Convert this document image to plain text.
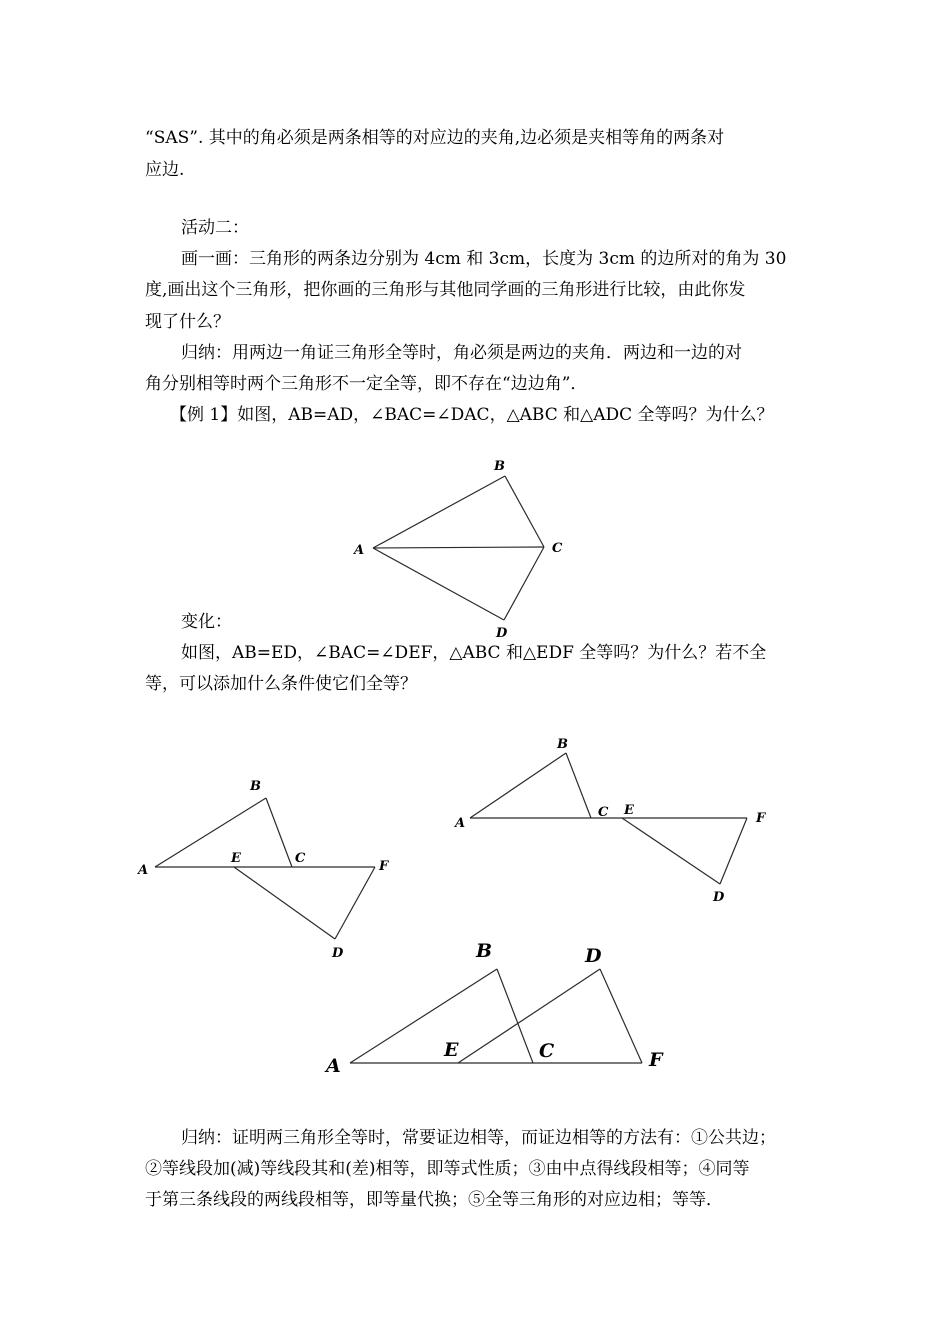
“SAS”. 其中的角必须是两条相等的对应边的夹角,边必须是夹相等角的两条对

应边.

活动二：

画一画：三角形的两条边分别为 4cm 和 3cm，长度为 3cm 的边所对的角为 30

度,画出这个三角形，把你画的三角形与其他同学画的三角形进行比较，由此你发

现了什么？

归纳：用两边一角证三角形全等时，角必须是两边的夹角．两边和一边的对

角分别相等时两个三角形不一定全等，即不存在“边边角”．

【例 1】如图，AB=AD，∠BAC=∠DAC，△ABC 和△ADC 全等吗？为什么？

A
B
C
D

变化：

如图，AB=ED，∠BAC=∠DEF，△ABC 和△EDF 全等吗？为什么？若不全

等，可以添加什么条件使它们全等？

A
B
E	C
F
D
A
B
C E
F
D
A
B
E	C
D
F

归纳：证明两三角形全等时，常要证边相等，而证边相等的方法有：①公共边；

②等线段加(减)等线段其和(差)相等，即等式性质；③由中点得线段相等；④同等

于第三条线段的两线段相等，即等量代换；⑤全等三角形的对应边相；等等．
